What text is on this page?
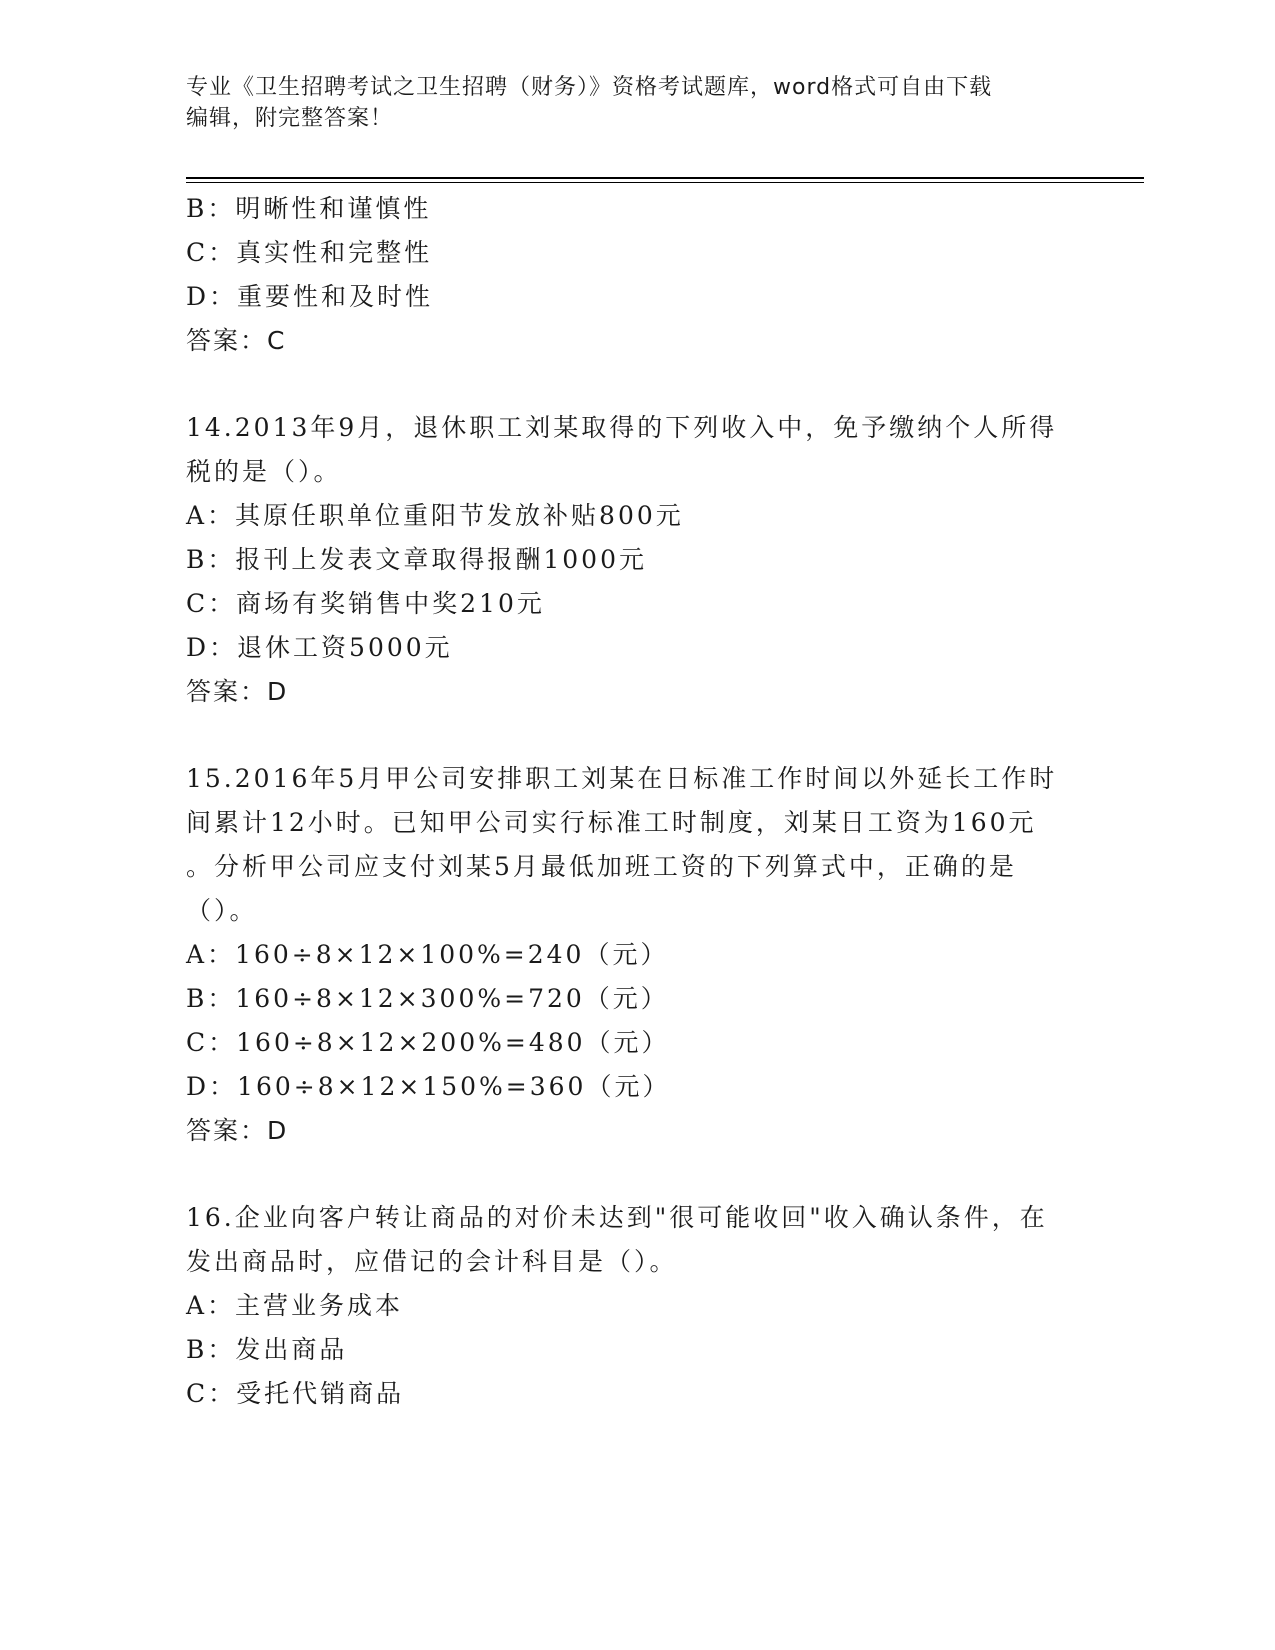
专业《卫生招聘考试之卫生招聘（财务）》资格考试题库，word格式可自由下载
编辑，附完整答案！
B：明晰性和谨慎性
C：真实性和完整性
D：重要性和及时性
答案：C
14.2013年9月，退休职工刘某取得的下列收入中，免予缴纳个人所得
税的是（）。
A：其原任职单位重阳节发放补贴800元
B：报刊上发表文章取得报酬1000元
C：商场有奖销售中奖210元
D：退休工资5000元
答案：D
15.2016年5月甲公司安排职工刘某在日标准工作时间以外延长工作时
间累计12小时。已知甲公司实行标准工时制度，刘某日工资为160元
。分析甲公司应支付刘某5月最低加班工资的下列算式中，正确的是
（）。
A：160÷8×12×100%=240（元）
B：160÷8×12×300%=720（元）
C：160÷8×12×200%=480（元）
D：160÷8×12×150%=360（元）
答案：D
16.企业向客户转让商品的对价未达到"很可能收回"收入确认条件，在
发出商品时，应借记的会计科目是（）。
A：主营业务成本
B：发出商品
C：受托代销商品
